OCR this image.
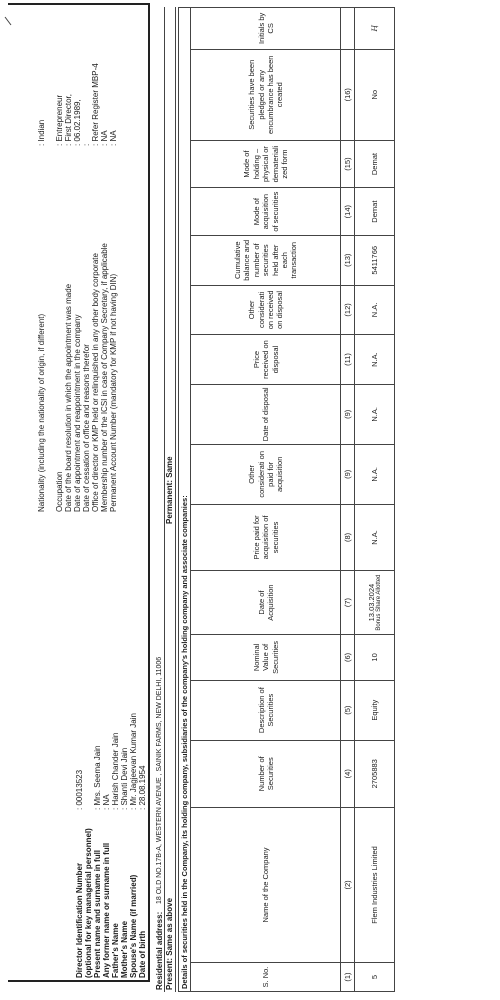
Director Identification Number
: 00013523
(optional for key managerial personnel) Present name and surname in full
: Mrs. Seema Jain
Any former name or surname in full
: NA
Father's Name
: Harish Chander Jain
Mother's Name
: Shanti Devi Jain
Spouse's Name (if married)
: Mr. Jagjeevan Kumar Jain
Date of birth
: 28.08.1954
Nationality (including the nationality of origin, if different)
: Indian
Occupation
: Entrepreneur
Date of the board resolution in which the appointment was made
: First Director,
Date of appointment and reappointment in the company
: 06.02.1989,
Date of cessation of office and reasons therefor
:
Office of director or KMP held or relinquished in any other body corporate
: Refer Register MBP-4
Membership number of the ICSI in case of Company Secretary, if applicable
: NA
Permanent Account Number (mandatory for KMP if not having DIN)
: NA
Residential address:
18 OLD NO.17B-A, WESTERN AVENUE , SAINIK FARMS, NEW DELHI, 11006
Present: Same as above
Permanent: Same
Details of securities held in the Company, its holding company, subsidiaries of the company's holding company and associate companies:															
S. No.	Name of the Company	Number of Securities	Description of Securities	Nominal Value of Securities	Date of Acquisition	Price paid for acquisition of securities	Other considerati on paid for acquisition	Date of disposal	Price received on disposal	Other considerati on received on disposal	Cumulative balance and number of securities held after each transaction	Mode of acquisition of securities	Mode of holding – physical or demateriali zed form	Securities have been pledged or any encumbrance has been created	Initials by CS
(1)	(2)	(4)	(5)	(6)	(7)	(8)	(9)	(9)	(11)	(12)	(13)	(14)	(15)	(16)	
5	Flem Industries Limited	2705883	Equity	10	13.03.2024 Bonus Share Allotted	N.A.	N.A.	N.A.	N.A.	N.A.	5411766	Demat	Demat	No	Ⱨ
